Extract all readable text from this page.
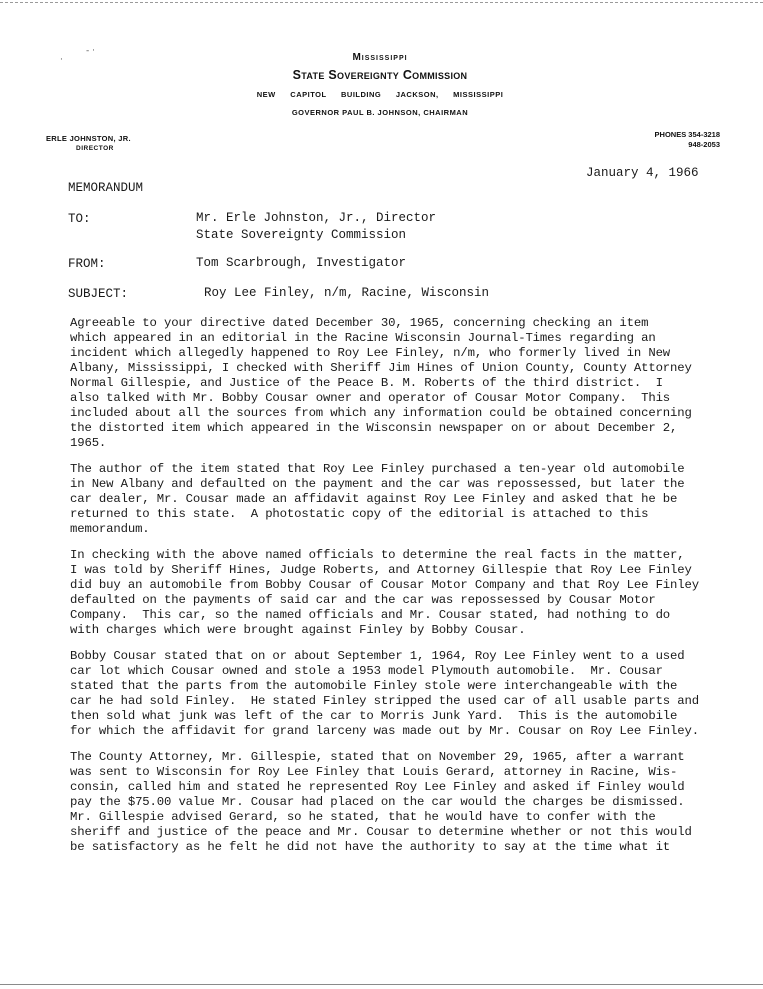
·
- ·
Mississippi
State Sovereignty Commission
NEW CAPITOL BUILDING JACKSON, MISSISSIPPI
GOVERNOR PAUL B. JOHNSON, CHAIRMAN
ERLE JOHNSTON, JR.
DIRECTOR
PHONES 354-3218
948-2053
January 4, 1966
MEMORANDUM
TO:	Mr. Erle Johnston, Jr., Director
State Sovereignty Commission
FROM:	Tom Scarbrough, Investigator
SUBJECT:	Roy Lee Finley, n/m, Racine, Wisconsin

Agreeable to your directive dated December 30, 1965, concerning checking an item
which appeared in an editorial in the Racine Wisconsin Journal-Times regarding an
incident which allegedly happened to Roy Lee Finley, n/m, who formerly lived in New
Albany, Mississippi, I checked with Sheriff Jim Hines of Union County, County Attorney
Normal Gillespie, and Justice of the Peace B. M. Roberts of the third district.  I
also talked with Mr. Bobby Cousar owner and operator of Cousar Motor Company.  This
included about all the sources from which any information could be obtained concerning
the distorted item which appeared in the Wisconsin newspaper on or about December 2,
1965.

The author of the item stated that Roy Lee Finley purchased a ten-year old automobile
in New Albany and defaulted on the payment and the car was repossessed, but later the
car dealer, Mr. Cousar made an affidavit against Roy Lee Finley and asked that he be
returned to this state.  A photostatic copy of the editorial is attached to this
memorandum.

In checking with the above named officials to determine the real facts in the matter,
I was told by Sheriff Hines, Judge Roberts, and Attorney Gillespie that Roy Lee Finley
did buy an automobile from Bobby Cousar of Cousar Motor Company and that Roy Lee Finley
defaulted on the payments of said car and the car was repossessed by Cousar Motor
Company.  This car, so the named officials and Mr. Cousar stated, had nothing to do
with charges which were brought against Finley by Bobby Cousar.

Bobby Cousar stated that on or about September 1, 1964, Roy Lee Finley went to a used
car lot which Cousar owned and stole a 1953 model Plymouth automobile.  Mr. Cousar
stated that the parts from the automobile Finley stole were interchangeable with the
car he had sold Finley.  He stated Finley stripped the used car of all usable parts and
then sold what junk was left of the car to Morris Junk Yard.  This is the automobile
for which the affidavit for grand larceny was made out by Mr. Cousar on Roy Lee Finley.

The County Attorney, Mr. Gillespie, stated that on November 29, 1965, after a warrant
was sent to Wisconsin for Roy Lee Finley that Louis Gerard, attorney in Racine, Wis-
consin, called him and stated he represented Roy Lee Finley and asked if Finley would
pay the $75.00 value Mr. Cousar had placed on the car would the charges be dismissed.
Mr. Gillespie advised Gerard, so he stated, that he would have to confer with the
sheriff and justice of the peace and Mr. Cousar to determine whether or not this would
be satisfactory as he felt he did not have the authority to say at the time what it
